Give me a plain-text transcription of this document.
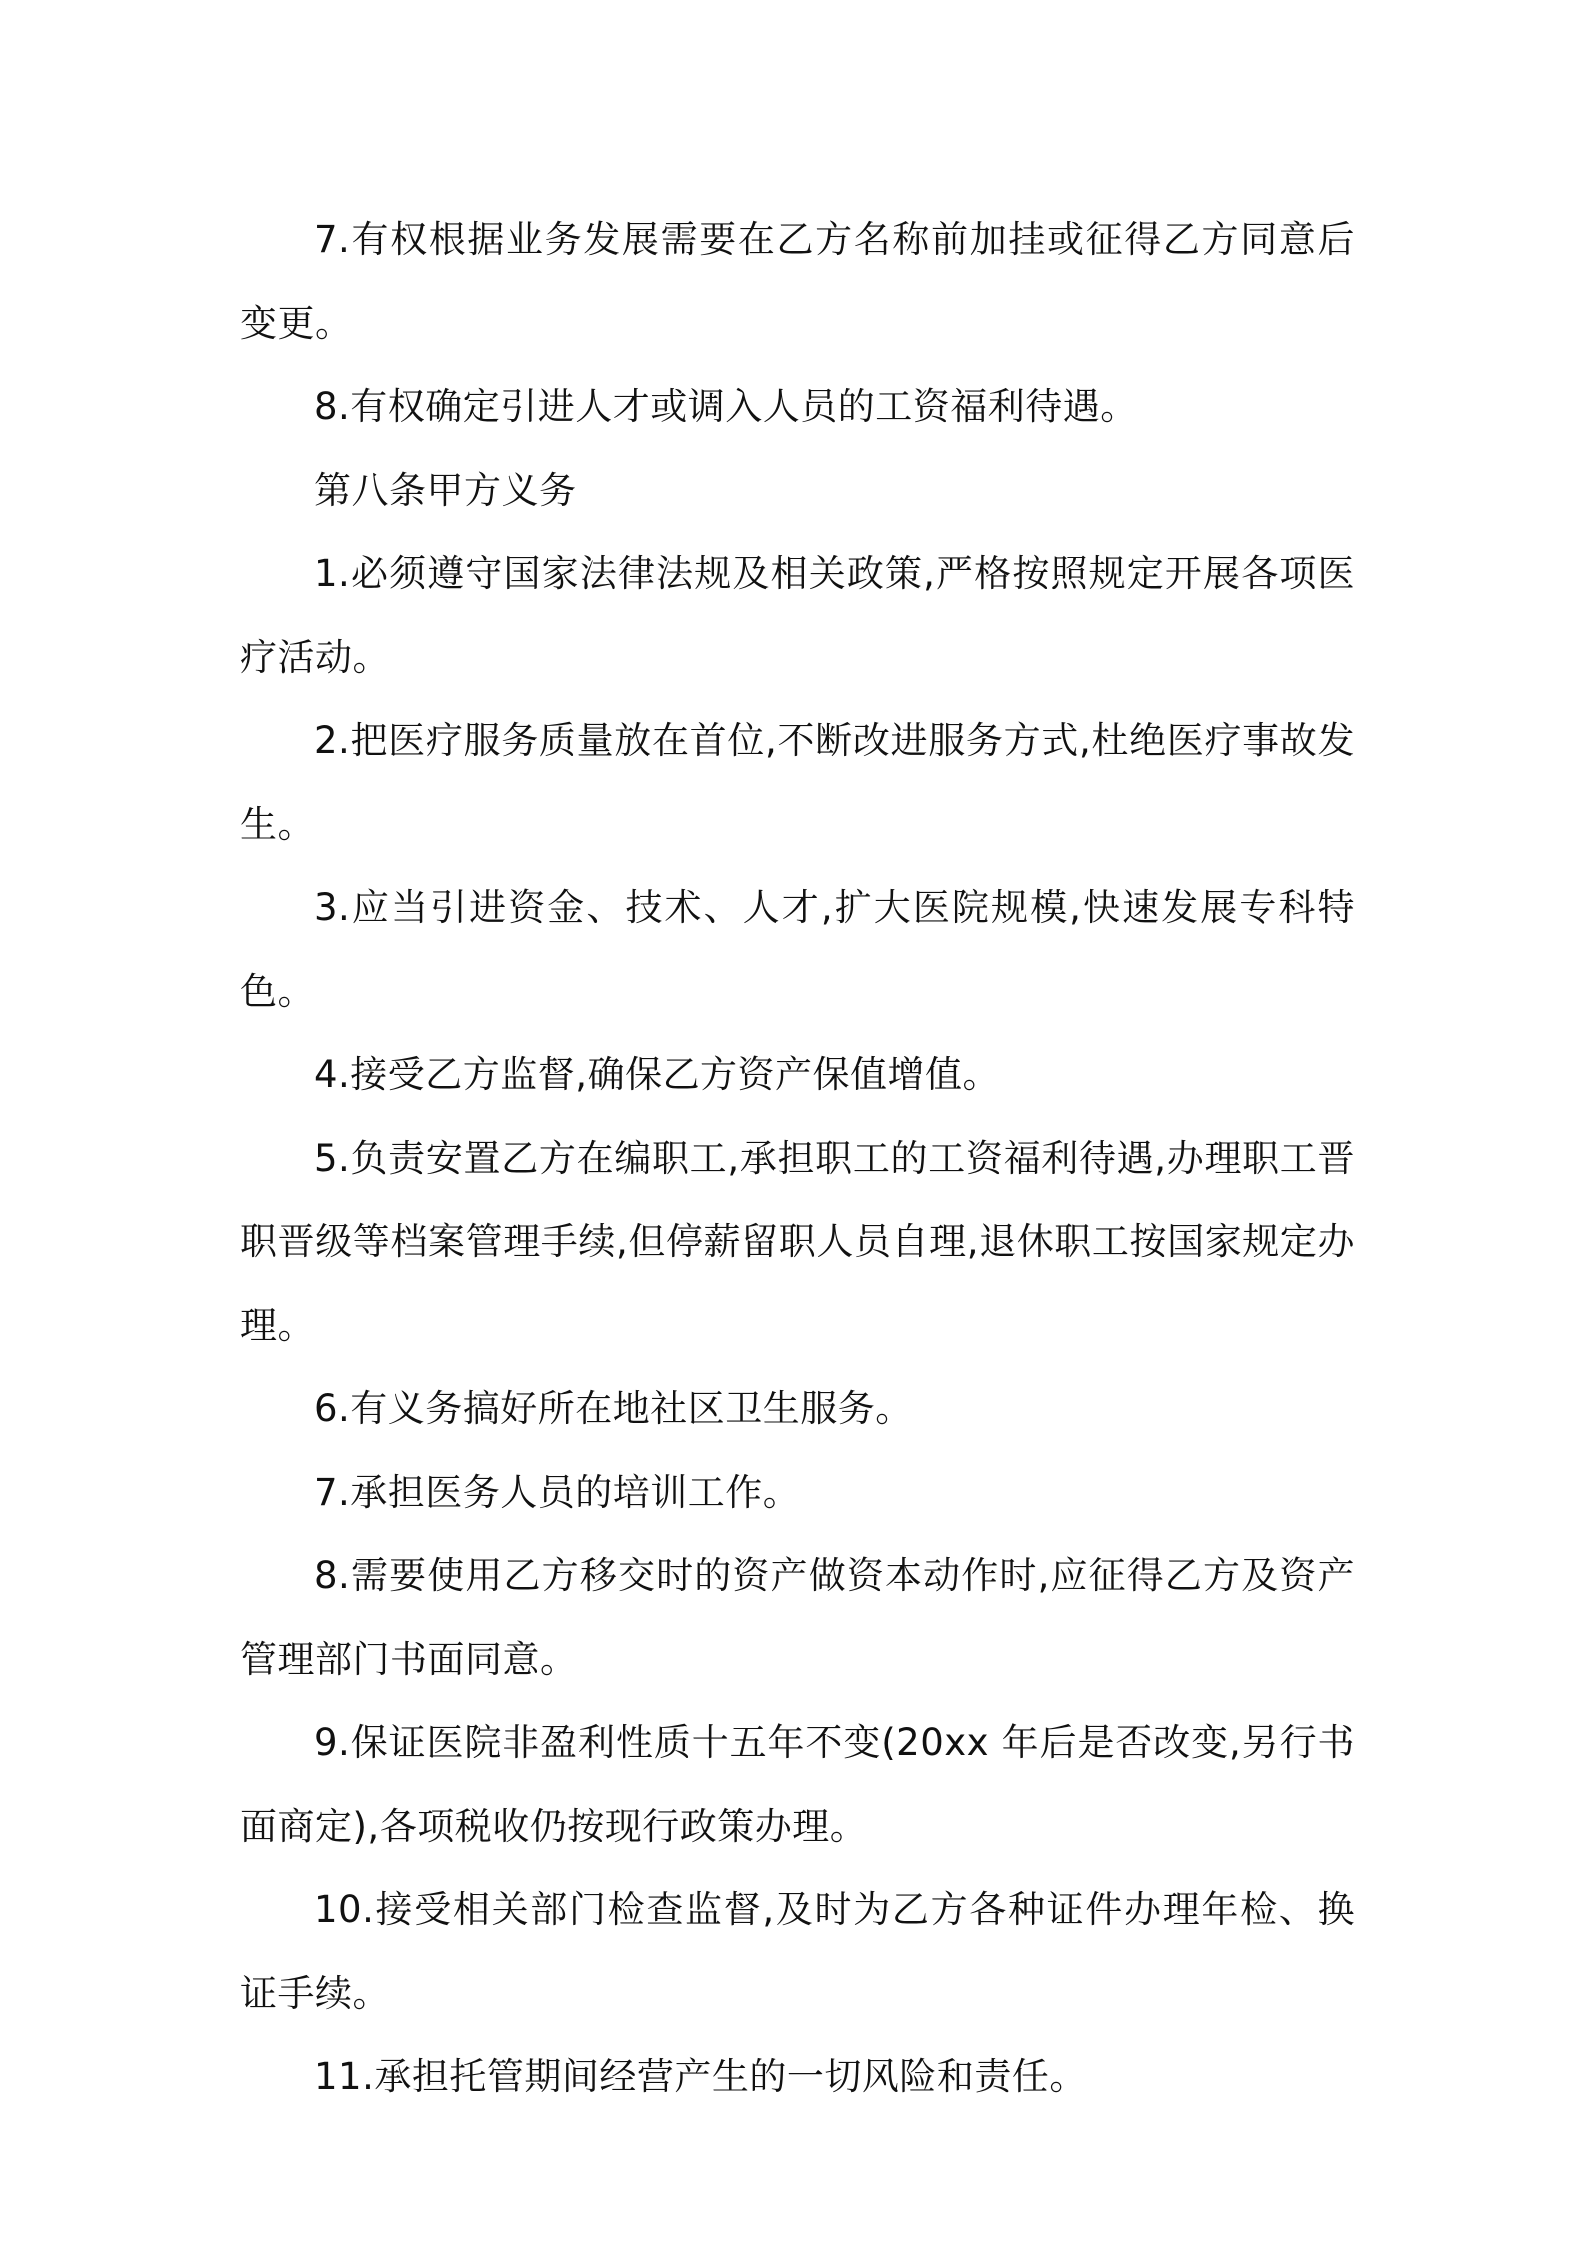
7.有权根据业务发展需要在乙方名称前加挂或征得乙方同意后变更。

8.有权确定引进人才或调入人员的工资福利待遇。

第八条甲方义务

1.必须遵守国家法律法规及相关政策,严格按照规定开展各项医疗活动。

2.把医疗服务质量放在首位,不断改进服务方式,杜绝医疗事故发生。

3.应当引进资金、技术、人才,扩大医院规模,快速发展专科特色。

4.接受乙方监督,确保乙方资产保值增值。

5.负责安置乙方在编职工,承担职工的工资福利待遇,办理职工晋职晋级等档案管理手续,但停薪留职人员自理,退休职工按国家规定办理。

6.有义务搞好所在地社区卫生服务。

7.承担医务人员的培训工作。

8.需要使用乙方移交时的资产做资本动作时,应征得乙方及资产管理部门书面同意。

9.保证医院非盈利性质十五年不变(20xx 年后是否改变,另行书面商定),各项税收仍按现行政策办理。

10.接受相关部门检查监督,及时为乙方各种证件办理年检、换证手续。

11.承担托管期间经营产生的一切风险和责任。
